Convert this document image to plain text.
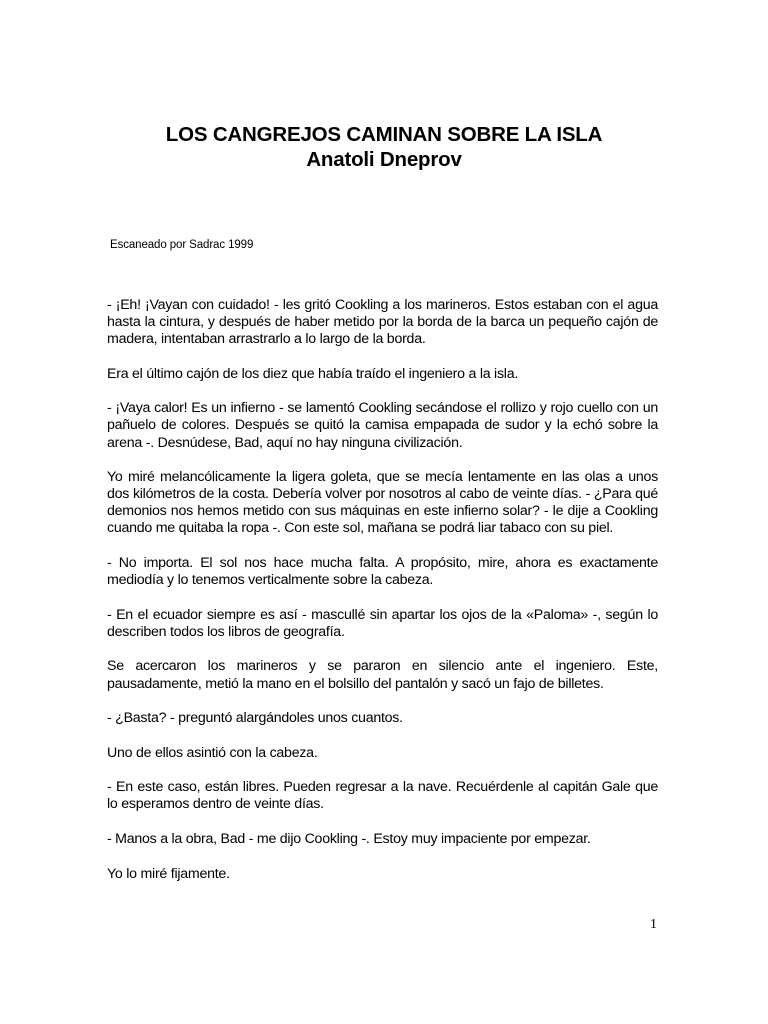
LOS CANGREJOS CAMINAN SOBRE LA ISLA

Anatoli Dneprov

Escaneado por Sadrac 1999

- ¡Eh! ¡Vayan con cuidado! - les gritó Cookling a los marineros. Estos estaban con el agua hasta la cintura, y después de haber metido por la borda de la barca un pequeño cajón de madera, intentaban arrastrarlo a lo largo de la borda.

Era el último cajón de los diez que había traído el ingeniero a la isla.

- ¡Vaya calor! Es un infierno - se lamentó Cookling secándose el rollizo y rojo cuello con un pañuelo de colores. Después se quitó la camisa empapada de sudor y la echó sobre la arena -. Desnúdese, Bad, aquí no hay ninguna civilización.

Yo miré melancólicamente la ligera goleta, que se mecía lentamente en las olas a unos dos kilómetros de la costa. Debería volver por nosotros al cabo de veinte días. - ¿Para qué demonios nos hemos metido con sus máquinas en este infierno solar? - le dije a Cookling cuando me quitaba la ropa -. Con este sol, mañana se podrá liar tabaco con su piel.

- No importa. El sol nos hace mucha falta. A propósito, mire, ahora es exactamente mediodía y lo tenemos verticalmente sobre la cabeza.

- En el ecuador siempre es así - mascullé sin apartar los ojos de la «Paloma» -, según lo describen todos los libros de geografía.

Se acercaron los marineros y se pararon en silencio ante el ingeniero. Este, pausadamente, metió la mano en el bolsillo del pantalón y sacó un fajo de billetes.

- ¿Basta? - preguntó alargándoles unos cuantos.

Uno de ellos asintió con la cabeza.

- En este caso, están libres. Pueden regresar a la nave. Recuérdenle al capitán Gale que lo esperamos dentro de veinte días.

- Manos a la obra, Bad - me dijo Cookling -. Estoy muy impaciente por empezar.

Yo lo miré fijamente.

1
